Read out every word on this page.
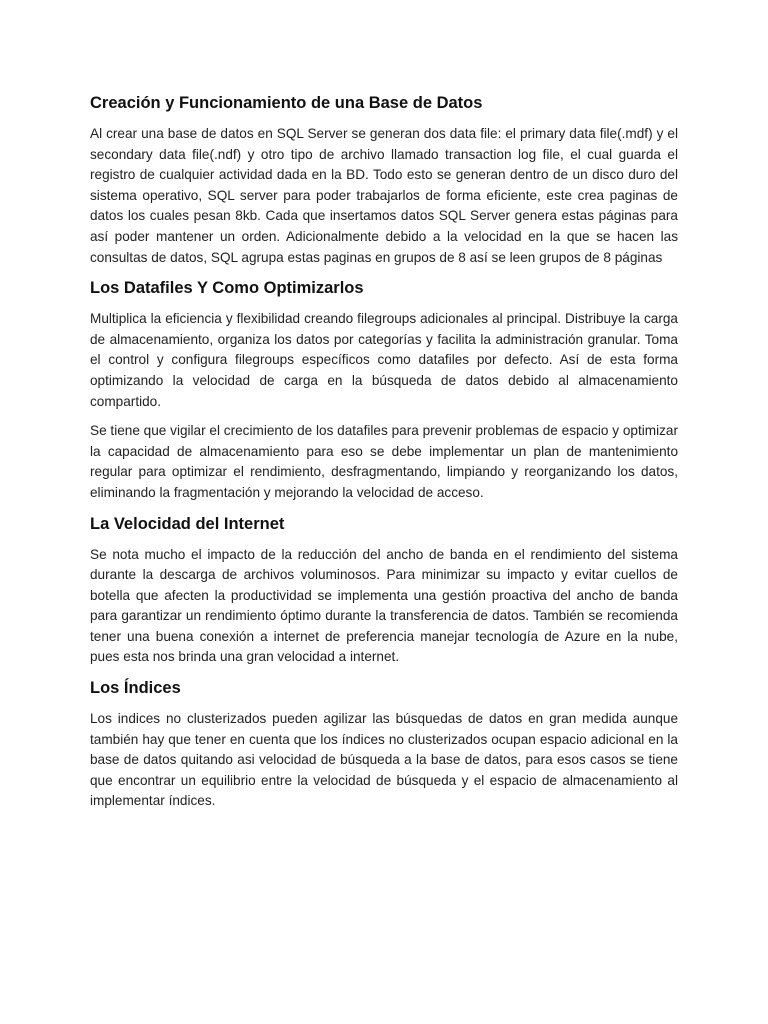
Creación y Funcionamiento de una Base de Datos

Al crear una base de datos en SQL Server se generan dos data file: el primary data file(.mdf) y el secondary data file(.ndf) y otro tipo de archivo llamado transaction log file, el cual guarda el registro de cualquier actividad dada en la BD. Todo esto se generan dentro de un disco duro del sistema operativo, SQL server para poder trabajarlos de forma eficiente, este crea paginas de datos los cuales pesan 8kb. Cada que insertamos datos SQL Server genera estas páginas para así poder mantener un orden. Adicionalmente debido a la velocidad en la que se hacen las consultas de datos, SQL agrupa estas paginas en grupos de 8 así se leen grupos de 8 páginas

Los Datafiles Y Como Optimizarlos

Multiplica la eficiencia y flexibilidad creando filegroups adicionales al principal. Distribuye la carga de almacenamiento, organiza los datos por categorías y facilita la administración granular. Toma el control y configura filegroups específicos como datafiles por defecto. Así de esta forma optimizando la velocidad de carga en la búsqueda de datos debido al almacenamiento compartido.

Se tiene que vigilar el crecimiento de los datafiles para prevenir problemas de espacio y optimizar la capacidad de almacenamiento para eso se debe implementar un plan de mantenimiento regular para optimizar el rendimiento, desfragmentando, limpiando y reorganizando los datos, eliminando la fragmentación y mejorando la velocidad de acceso.

La Velocidad del Internet

Se nota mucho el impacto de la reducción del ancho de banda en el rendimiento del sistema durante la descarga de archivos voluminosos. Para minimizar su impacto y evitar cuellos de botella que afecten la productividad se implementa una gestión proactiva del ancho de banda para garantizar un rendimiento óptimo durante la transferencia de datos. También se recomienda tener una buena conexión a internet de preferencia manejar tecnología de Azure en la nube, pues esta nos brinda una gran velocidad a internet.

Los Índices

Los indices no clusterizados pueden agilizar las búsquedas de datos en gran medida aunque también hay que tener en cuenta que los índices no clusterizados ocupan espacio adicional en la base de datos quitando asi velocidad de búsqueda a la base de datos, para esos casos se tiene que encontrar un equilibrio entre la velocidad de búsqueda y el espacio de almacenamiento al implementar índices.
